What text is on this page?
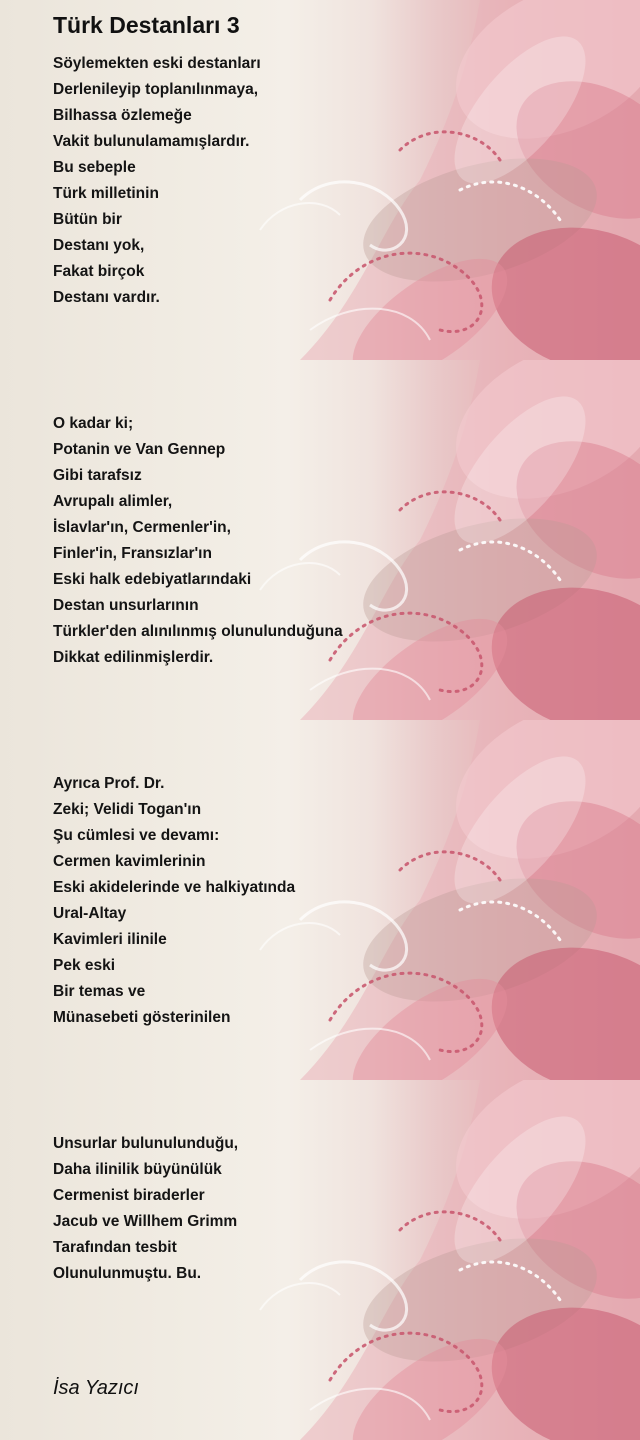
Türk Destanları 3
Söylemekten eski destanları
Derlenileyip toplanılınmaya,
Bilhassa özlemeğe
Vakit bulunulamamışlardır.
Bu sebeple
Türk milletinin
Bütün bir
Destanı yok,
Fakat birçok
Destanı vardır.
O kadar ki;
Potanin ve Van Gennep
Gibi tarafsız
Avrupalı alimler,
İslavlar'ın, Cermenler'in,
Finler'in, Fransızlar'ın
Eski halk edebiyatlarındaki
Destan unsurlarının
Türkler'den alınılınmış olunulunduğuna
Dikkat edilinmişlerdir.
Ayrıca Prof. Dr.
Zeki; Velidi Togan'ın
Şu cümlesi ve devamı:
Cermen kavimlerinin
Eski akidelerinde ve halkiyatında
Ural-Altay
Kavimleri ilinile
Pek eski
Bir temas ve
Münasebeti gösterinilen
Unsurlar bulunulunduğu,
Daha ilinilik büyünülük
Cermenist biraderler
Jacub ve Willhem Grimm
Tarafından tesbit
Olunulunmuştu. Bu.
İsa Yazıcı
